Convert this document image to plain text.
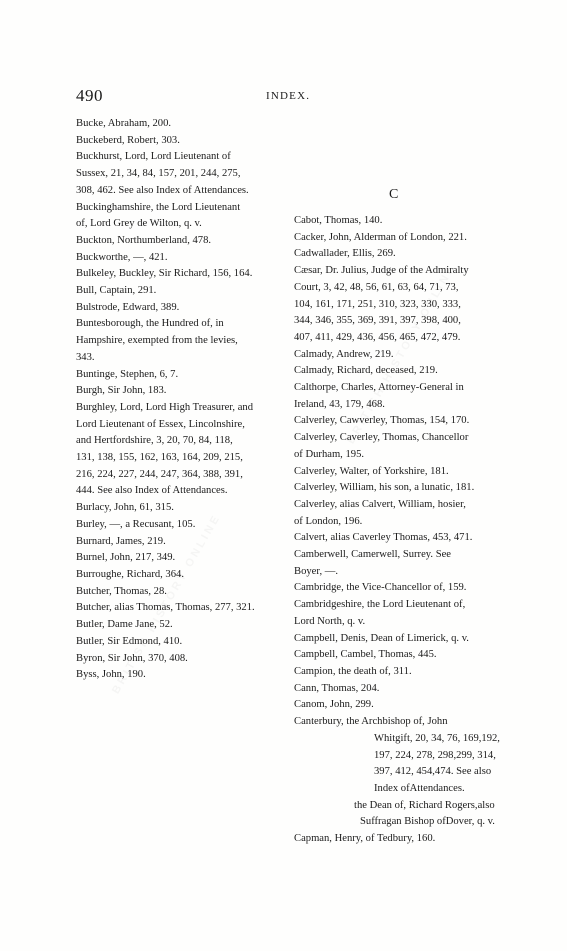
490	INDEX.
C
Bucke, Abraham, 200.
Buckeberd, Robert, 303.
Buckhurst, Lord, Lord Lieutenant of
Sussex, 21, 34, 84, 157, 201, 244, 275,
308, 462. See also Index of Attendances.
Buckinghamshire, the Lord Lieutenant
of, Lord Grey de Wilton, q. v.
Buckton, Northumberland, 478.
Buckworthe, —, 421.
Bulkeley, Buckley, Sir Richard, 156, 164.
Bull, Captain, 291.
Bulstrode, Edward, 389.
Buntesborough, the Hundred of, in
Hampshire, exempted from the levies,
343.
Buntinge, Stephen, 6, 7.
Burgh, Sir John, 183.
Burghley, Lord, Lord High Treasurer, and
Lord Lieutenant of Essex, Lincolnshire,
and Hertfordshire, 3, 20, 70, 84, 118,
131, 138, 155, 162, 163, 164, 209, 215,
216, 224, 227, 244, 247, 364, 388, 391,
444. See also Index of Attendances.
Burlacy, John, 61, 315.
Burley, —, a Recusant, 105.
Burnard, James, 219.
Burnel, John, 217, 349.
Burroughe, Richard, 364.
Butcher, Thomas, 28.
Butcher, alias Thomas, Thomas, 277, 321.
Butler, Dame Jane, 52.
Butler, Sir Edmond, 410.
Byron, Sir John, 370, 408.
Byss, John, 190.
Cabot, Thomas, 140.
Cacker, John, Alderman of London, 221.
Cadwallader, Ellis, 269.
Cæsar, Dr. Julius, Judge of the Admiralty
Court, 3, 42, 48, 56, 61, 63, 64, 71, 73,
104, 161, 171, 251, 310, 323, 330, 333,
344, 346, 355, 369, 391, 397, 398, 400,
407, 411, 429, 436, 456, 465, 472, 479.
Calmady, Andrew, 219.
Calmady, Richard, deceased, 219.
Calthorpe, Charles, Attorney-General in
Ireland, 43, 179, 468.
Calverley, Cawverley, Thomas, 154, 170.
Calverley, Caverley, Thomas, Chancellor
of Durham, 195.
Calverley, Walter, of Yorkshire, 181.
Calverley, William, his son, a lunatic, 181.
Calverley, alias Calvert, William, hosier,
of London, 196.
Calvert, alias Caverley Thomas, 453, 471.
Camberwell, Camerwell, Surrey. See
Boyer, —.
Cambridge, the Vice-Chancellor of, 159.
Cambridgeshire, the Lord Lieutenant of,
Lord North, q. v.
Campbell, Denis, Dean of Limerick, q. v.
Campbell, Cambel, Thomas, 445.
Campion, the death of, 311.
Cann, Thomas, 204.
Canom, John, 299.
Canterbury, the Archbishop of, John
Whitgift, 20, 34, 76, 169,192, 197, 224, 278, 298,299, 314, 397, 412, 454,474. See also Index ofAttendances.
the Dean of, Richard Rogers,also Suffragan Bishop ofDover, q. v.
Capman, Henry, of Tedbury, 160.
